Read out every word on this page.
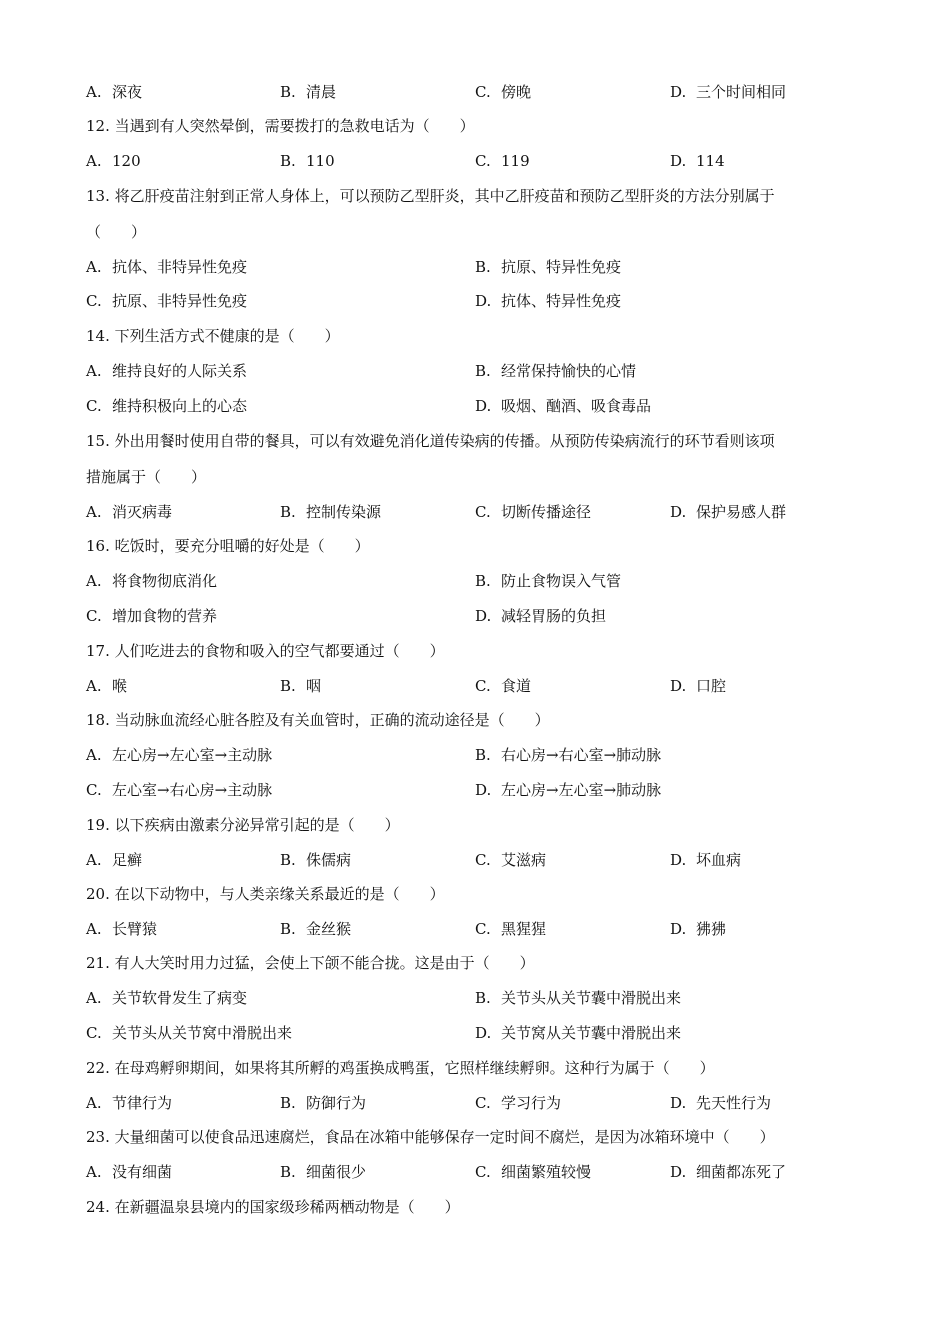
A. 深夜	B. 清晨	C. 傍晚	D. 三个时间相同
12. 当遇到有人突然晕倒，需要拨打的急救电话为（　　）
A. 120	B. 110	C. 119	D. 114
13. 将乙肝疫苗注射到正常人身体上，可以预防乙型肝炎，其中乙肝疫苗和预防乙型肝炎的方法分别属于
（　　）
A. 抗体、非特异性免疫	B. 抗原、特异性免疫
C. 抗原、非特异性免疫	D. 抗体、特异性免疫
14. 下列生活方式不健康的是（　　）
A. 维持良好的人际关系	B. 经常保持愉快的心情
C. 维持积极向上的心态	D. 吸烟、酗酒、吸食毒品
15. 外出用餐时使用自带的餐具，可以有效避免消化道传染病的传播。从预防传染病流行的环节看则该项
措施属于（　　）
A. 消灭病毒	B. 控制传染源	C. 切断传播途径	D. 保护易感人群
16. 吃饭时，要充分咀嚼的好处是（　　）
A. 将食物彻底消化	B. 防止食物误入气管
C. 增加食物的营养	D. 减轻胃肠的负担
17. 人们吃进去的食物和吸入的空气都要通过（　　）
A. 喉	B. 咽	C. 食道	D. 口腔
18. 当动脉血流经心脏各腔及有关血管时，正确的流动途径是（　　）
A. 左心房→左心室→主动脉	B. 右心房→右心室→肺动脉
C. 左心室→右心房→主动脉	D. 左心房→左心室→肺动脉
19. 以下疾病由激素分泌异常引起的是（　　）
A. 足癣	B. 侏儒病	C. 艾滋病	D. 坏血病
20. 在以下动物中，与人类亲缘关系最近的是（　　）
A. 长臂猿	B. 金丝猴	C. 黑猩猩	D. 狒狒
21. 有人大笑时用力过猛，会使上下颌不能合拢。这是由于（　　）
A. 关节软骨发生了病变	B. 关节头从关节囊中滑脱出来
C. 关节头从关节窝中滑脱出来	D. 关节窝从关节囊中滑脱出来
22. 在母鸡孵卵期间，如果将其所孵的鸡蛋换成鸭蛋，它照样继续孵卵。这种行为属于（　　）
A. 节律行为	B. 防御行为	C. 学习行为	D. 先天性行为
23. 大量细菌可以使食品迅速腐烂，食品在冰箱中能够保存一定时间不腐烂，是因为冰箱环境中（　　）
A. 没有细菌	B. 细菌很少	C. 细菌繁殖较慢	D. 细菌都冻死了
24. 在新疆温泉县境内的国家级珍稀两栖动物是（　　）
